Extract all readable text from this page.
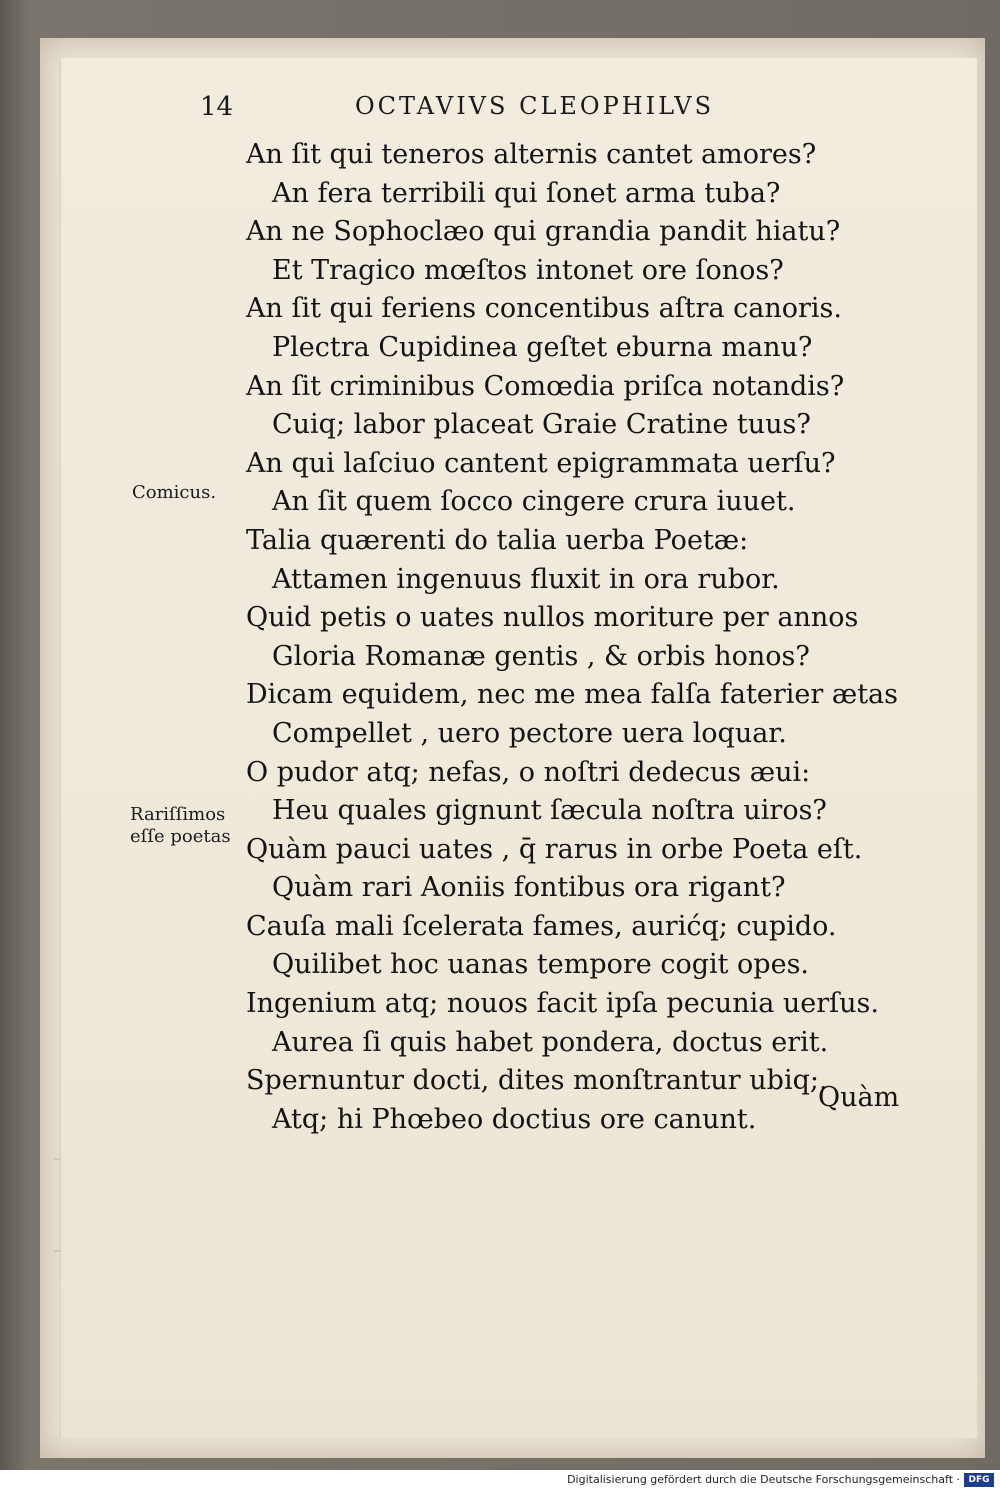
14	OCTAVIVS CLEOPHILVS
Comicus.
Rariſſimos
eſſe poetas
An ſit qui teneros alternis cantet amores?
An fera terribili qui ſonet arma tuba?
An ne Sophoclæo qui grandia pandit hiatu?
Et Tragico mœſtos intonet ore ſonos?
An ſit qui feriens concentibus aſtra canoris.
Plectra Cupidinea geſtet eburna manu?
An ſit criminibus Comœdia priſca notandis?
Cuiq; labor placeat Graie Cratine tuus?
An qui laſciuo cantent epigrammata uerſu?
An ſit quem ſocco cingere crura iuuet.
Talia quærenti do talia uerba Poetæ:
Attamen ingenuus fluxit in ora rubor.
Quid petis o uates nullos moriture per annos
Gloria Romanæ gentis , & orbis honos?
Dicam equidem, nec me mea falſa faterier ætas
Compellet , uero pectore uera loquar.
O pudor atq; nefas, o noſtri dedecus æui:
Heu quales gignunt ſæcula noſtra uiros?
Quàm pauci uates , q̄ rarus in orbe Poeta eſt.
Quàm rari Aoniis fontibus ora rigant?
Cauſa mali ſcelerata fames, aurićq; cupido.
Quilibet hoc uanas tempore cogit opes.
Ingenium atq; nouos facit ipſa pecunia uerſus.
Aurea ſi quis habet pondera, doctus erit.
Spernuntur docti, dites monſtrantur ubiq;.
Atq; hi Phœbeo doctius ore canunt.
Quàm
Digitalisierung gefördert durch die Deutsche Forschungsgemeinschaft · DFG
